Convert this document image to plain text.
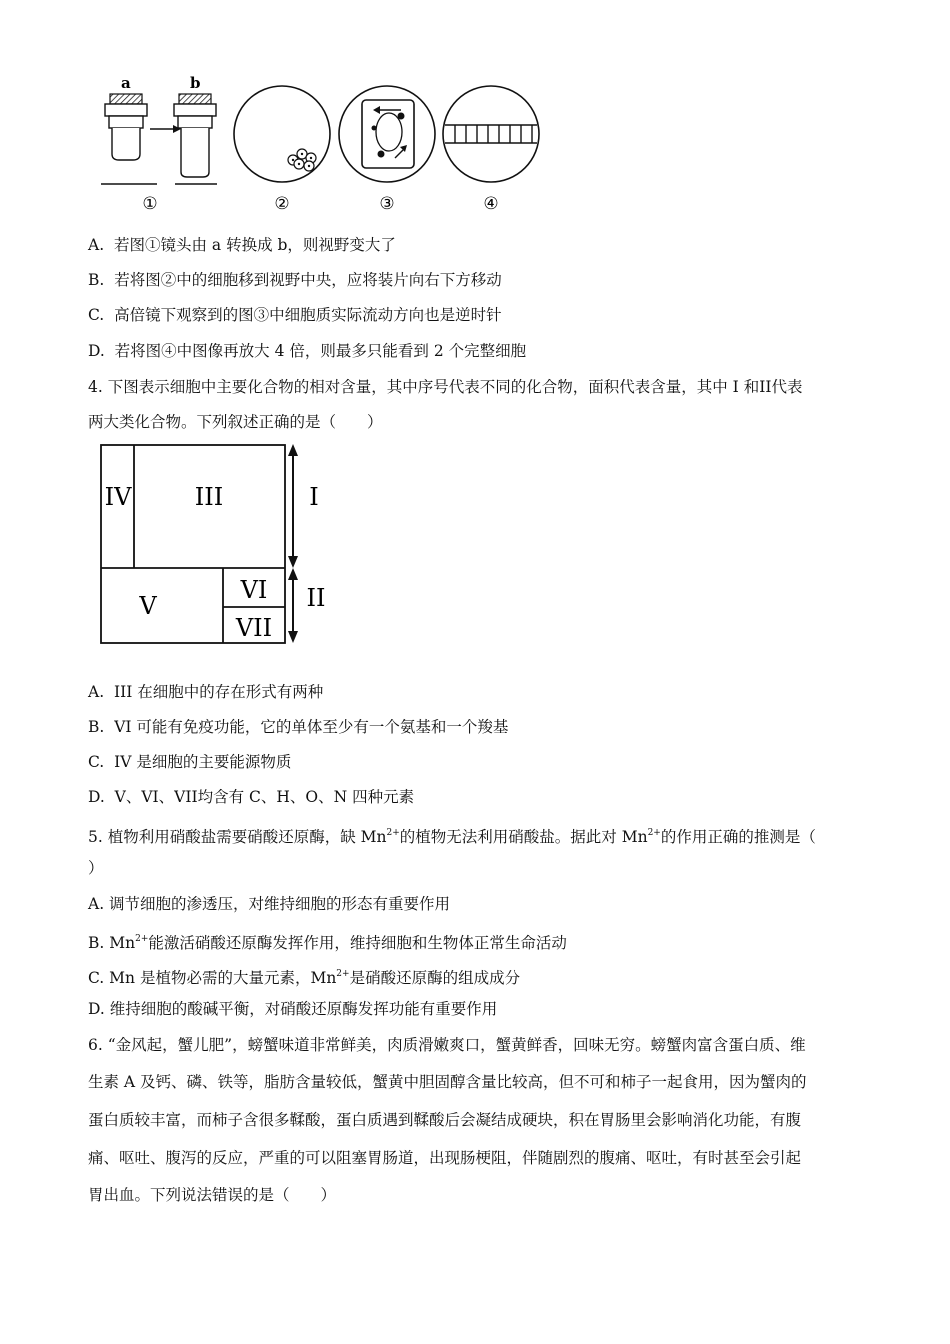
a	b
①	②	③	④
A. 若图①镜头由 a 转换成 b，则视野变大了
B. 若将图②中的细胞移到视野中央，应将装片向右下方移动
C. 高倍镜下观察到的图③中细胞质实际流动方向也是逆时针
D. 若将图④中图像再放大 4 倍，则最多只能看到 2 个完整细胞
4. 下图表示细胞中主要化合物的相对含量，其中序号代表不同的化合物，面积代表含量，其中 I 和II代表
两大类化合物。下列叙述正确的是（　　）
IV	III	I
V
VI
VII
II
A. III 在细胞中的存在形式有两种
B. VI 可能有免疫功能，它的单体至少有一个氨基和一个羧基
C. IV 是细胞的主要能源物质
D. V、VI、VII均含有 C、H、O、N 四种元素
5. 植物利用硝酸盐需要硝酸还原酶，缺 $Mn^{2+}$的植物无法利用硝酸盐。据此对 $Mn^{2+}$的作用正确的推测是（
）
A. 调节细胞的渗透压，对维持细胞的形态有重要作用
B. $Mn^{2+}$能激活硝酸还原酶发挥作用，维持细胞和生物体正常生命活动
C. Mn 是植物必需的大量元素，$Mn^{2+}$是硝酸还原酶的组成成分
D. 维持细胞的酸碱平衡，对硝酸还原酶发挥功能有重要作用
6. “金风起，蟹儿肥”，螃蟹味道非常鲜美，肉质滑嫩爽口，蟹黄鲜香，回味无穷。螃蟹肉富含蛋白质、维
生素 A 及钙、磷、铁等，脂肪含量较低，蟹黄中胆固醇含量比较高，但不可和柿子一起食用，因为蟹肉的
蛋白质较丰富，而柿子含很多鞣酸，蛋白质遇到鞣酸后会凝结成硬块，积在胃肠里会影响消化功能，有腹
痛、呕吐、腹泻的反应，严重的可以阻塞胃肠道，出现肠梗阻，伴随剧烈的腹痛、呕吐，有时甚至会引起
胃出血。下列说法错误的是（　　）
